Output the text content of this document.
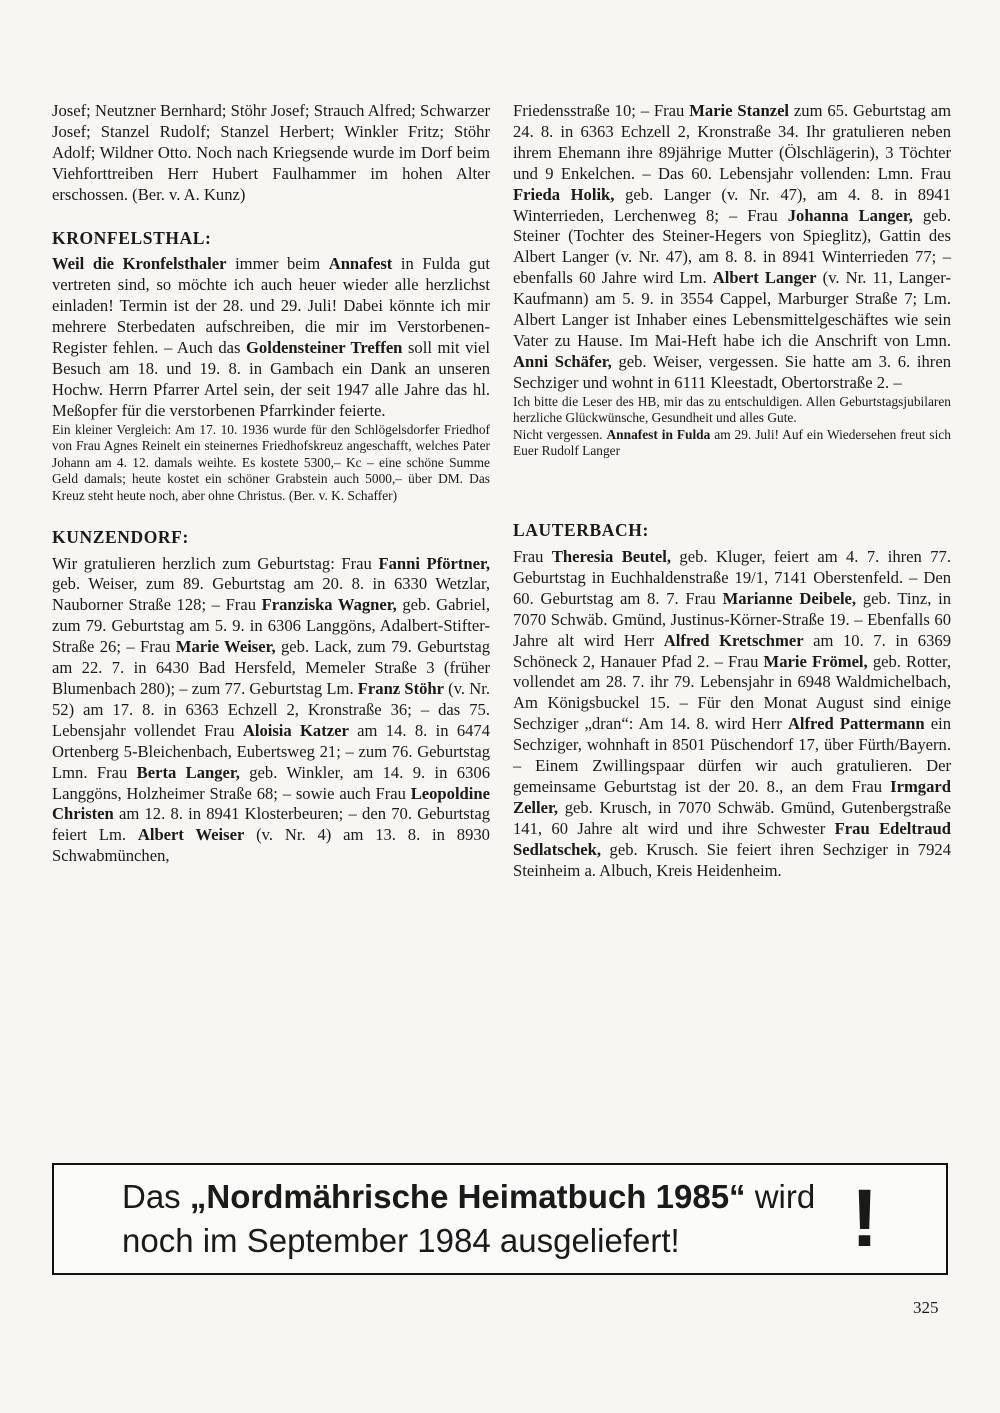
Josef; Neutzner Bernhard; Stöhr Josef; Strauch Alfred; Schwarzer Josef; Stanzel Rudolf; Stanzel Herbert; Winkler Fritz; Stöhr Adolf; Wildner Otto. Noch nach Kriegsende wurde im Dorf beim Viehforttreiben Herr Hubert Faulhammer im hohen Alter erschossen. (Ber. v. A. Kunz)

KRONFELSTHAL:

Weil die Kronfelsthaler immer beim Annafest in Fulda gut vertreten sind, so möchte ich auch heuer wieder alle herzlichst einladen! Termin ist der 28. und 29. Juli! Dabei könnte ich mir mehrere Sterbedaten aufschreiben, die mir im Verstorbenen-Register fehlen. – Auch das Goldensteiner Treffen soll mit viel Besuch am 18. und 19. 8. in Gambach ein Dank an unseren Hochw. Herrn Pfarrer Artel sein, der seit 1947 alle Jahre das hl. Meßopfer für die verstorbenen Pfarrkinder feierte.

Ein kleiner Vergleich: Am 17. 10. 1936 wurde für den Schlögelsdorfer Friedhof von Frau Agnes Reinelt ein steinernes Friedhofskreuz angeschafft, welches Pater Johann am 4. 12. damals weihte. Es kostete 5300,– Kc – eine schöne Summe Geld damals; heute kostet ein schöner Grabstein auch 5000,– über DM. Das Kreuz steht heute noch, aber ohne Christus. (Ber. v. K. Schaffer)

KUNZENDORF:

Wir gratulieren herzlich zum Geburtstag: Frau Fanni Pförtner, geb. Weiser, zum 89. Geburtstag am 20. 8. in 6330 Wetzlar, Nauborner Straße 128; – Frau Franziska Wagner, geb. Gabriel, zum 79. Geburtstag am 5. 9. in 6306 Langgöns, Adalbert-Stifter-Straße 26; – Frau Marie Weiser, geb. Lack, zum 79. Geburtstag am 22. 7. in 6430 Bad Hersfeld, Memeler Straße 3 (früher Blumenbach 280); – zum 77. Geburtstag Lm. Franz Stöhr (v. Nr. 52) am 17. 8. in 6363 Echzell 2, Kronstraße 36; – das 75. Lebensjahr vollendet Frau Aloisia Katzer am 14. 8. in 6474 Ortenberg 5-Bleichenbach, Eubertsweg 21; – zum 76. Geburtstag Lmn. Frau Berta Langer, geb. Winkler, am 14. 9. in 6306 Langgöns, Holzheimer Straße 68; – sowie auch Frau Leopoldine Christen am 12. 8. in 8941 Klosterbeuren; – den 70. Geburtstag feiert Lm. Albert Weiser (v. Nr. 4) am 13. 8. in 8930 Schwabmünchen,

Friedensstraße 10; – Frau Marie Stanzel zum 65. Geburtstag am 24. 8. in 6363 Echzell 2, Kronstraße 34. Ihr gratulieren neben ihrem Ehemann ihre 89jährige Mutter (Ölschlägerin), 3 Töchter und 9 Enkelchen. – Das 60. Lebensjahr vollenden: Lmn. Frau Frieda Holik, geb. Langer (v. Nr. 47), am 4. 8. in 8941 Winterrieden, Lerchenweg 8; – Frau Johanna Langer, geb. Steiner (Tochter des Steiner-Hegers von Spieglitz), Gattin des Albert Langer (v. Nr. 47), am 8. 8. in 8941 Winterrieden 77; – ebenfalls 60 Jahre wird Lm. Albert Langer (v. Nr. 11, Langer-Kaufmann) am 5. 9. in 3554 Cappel, Marburger Straße 7; Lm. Albert Langer ist Inhaber eines Lebensmittelgeschäftes wie sein Vater zu Hause. Im Mai-Heft habe ich die Anschrift von Lmn. Anni Schäfer, geb. Weiser, vergessen. Sie hatte am 3. 6. ihren Sechziger und wohnt in 6111 Kleestadt, Obertorstraße 2. –

Ich bitte die Leser des HB, mir das zu entschuldigen. Allen Geburtstagsjubilaren herzliche Glückwünsche, Gesundheit und alles Gute.

Nicht vergessen. Annafest in Fulda am 29. Juli! Auf ein Wiedersehen freut sich Euer Rudolf Langer

LAUTERBACH:

Frau Theresia Beutel, geb. Kluger, feiert am 4. 7. ihren 77. Geburtstag in Euchhaldenstraße 19/1, 7141 Oberstenfeld. – Den 60. Geburtstag am 8. 7. Frau Marianne Deibele, geb. Tinz, in 7070 Schwäb. Gmünd, Justinus-Körner-Straße 19. – Ebenfalls 60 Jahre alt wird Herr Alfred Kretschmer am 10. 7. in 6369 Schöneck 2, Hanauer Pfad 2. – Frau Marie Frömel, geb. Rotter, vollendet am 28. 7. ihr 79. Lebensjahr in 6948 Waldmichelbach, Am Königsbuckel 15. – Für den Monat August sind einige Sechziger „dran“: Am 14. 8. wird Herr Alfred Pattermann ein Sechziger, wohnhaft in 8501 Püschendorf 17, über Fürth/Bayern. – Einem Zwillingspaar dürfen wir auch gratulieren. Der gemeinsame Geburtstag ist der 20. 8., an dem Frau Irmgard Zeller, geb. Krusch, in 7070 Schwäb. Gmünd, Gutenbergstraße 141, 60 Jahre alt wird und ihre Schwester Frau Edeltraud Sedlatschek, geb. Krusch. Sie feiert ihren Sechziger in 7924 Steinheim a. Albuch, Kreis Heidenheim.

Das „Nordmährische Heimatbuch 1985“ wird
noch im September 1984 ausgeliefert! !
325
